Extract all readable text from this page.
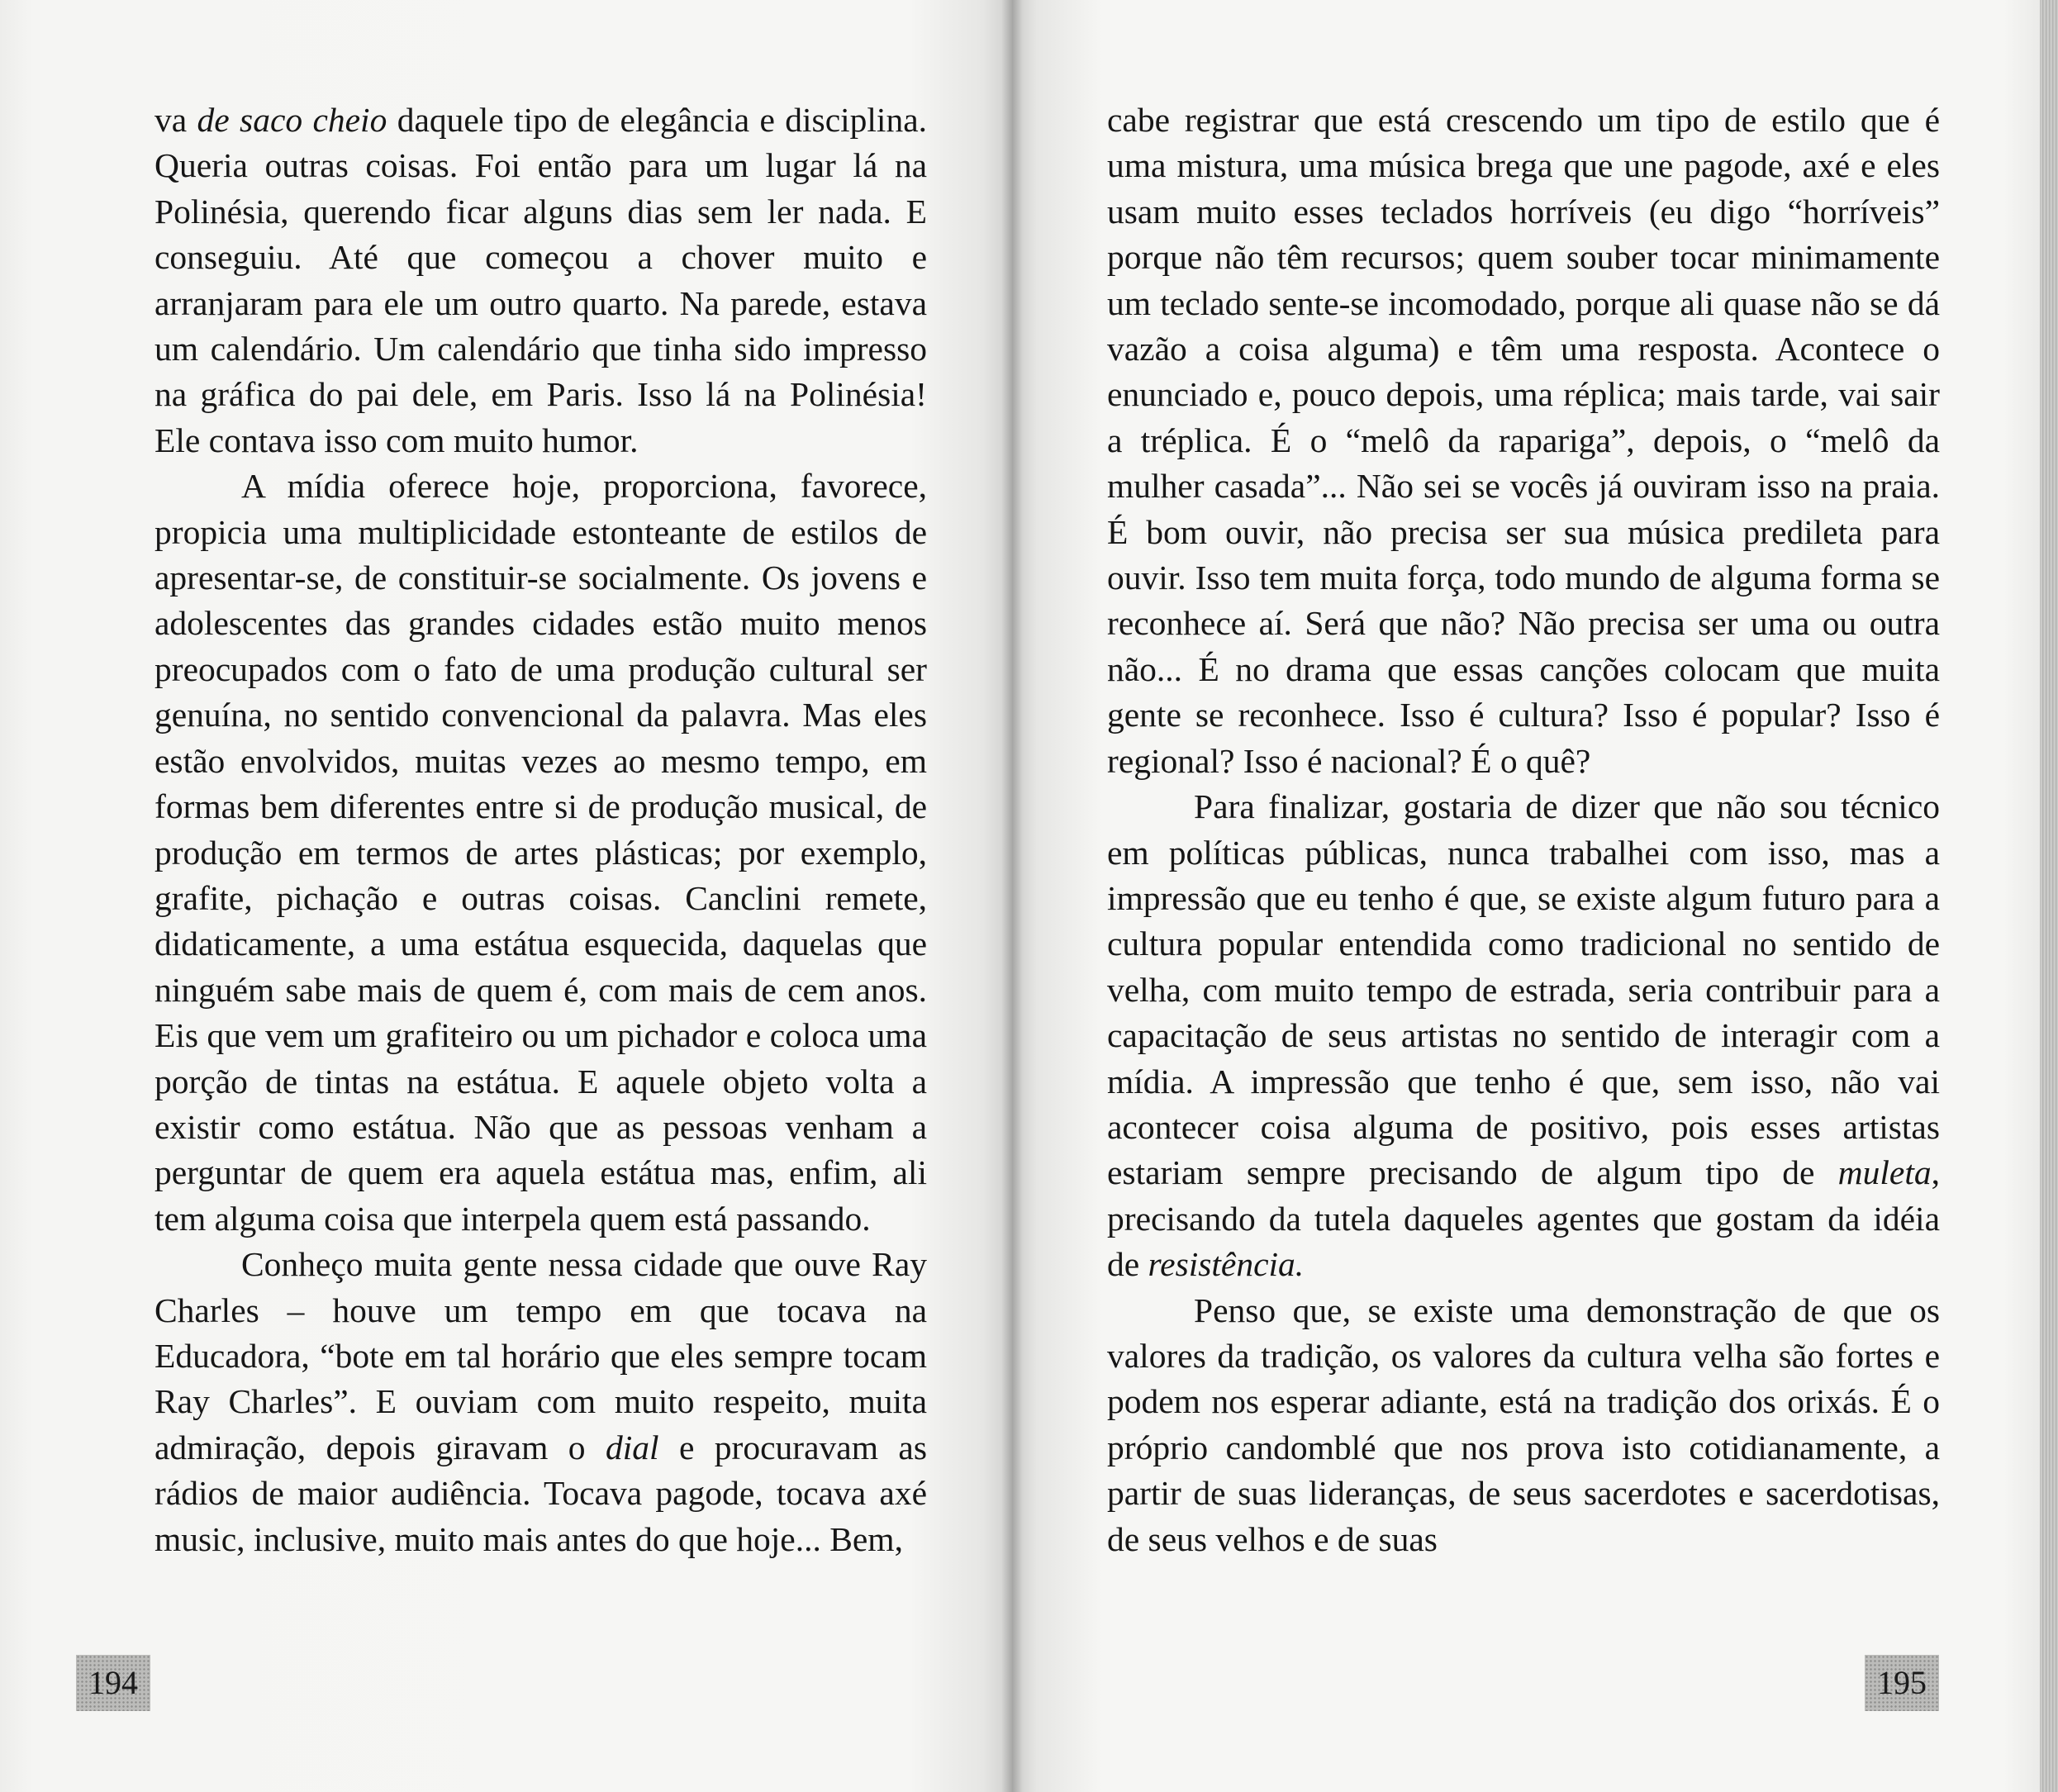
va de saco cheio daquele tipo de elegância e disciplina. Queria outras coisas. Foi então para um lugar lá na Polinésia, querendo ficar alguns dias sem ler nada. E conseguiu. Até que começou a chover muito e arranjaram para ele um outro quarto. Na parede, estava um calendário. Um calendário que tinha sido impresso na gráfica do pai dele, em Paris. Isso lá na Polinésia! Ele contava isso com muito humor.

A mídia oferece hoje, proporciona, favorece, propicia uma multiplicidade estonteante de estilos de apresentar-se, de constituir-se socialmente. Os jovens e adolescentes das grandes cidades estão muito menos preocupados com o fato de uma produção cultural ser genuína, no sentido convencional da palavra. Mas eles estão envolvidos, muitas vezes ao mesmo tempo, em formas bem diferentes entre si de produção musical, de produção em termos de artes plásticas; por exemplo, grafite, pichação e outras coisas. Canclini remete, didaticamente, a uma estátua esquecida, daquelas que ninguém sabe mais de quem é, com mais de cem anos. Eis que vem um grafiteiro ou um pichador e coloca uma porção de tintas na estátua. E aquele objeto volta a existir como estátua. Não que as pessoas venham a perguntar de quem era aquela estátua mas, enfim, ali tem alguma coisa que interpela quem está passando.

Conheço muita gente nessa cidade que ouve Ray Charles – houve um tempo em que tocava na Educadora, “bote em tal horário que eles sempre tocam Ray Charles”. E ouviam com muito respeito, muita admiração, depois giravam o dial e procuravam as rádios de maior audiência. Tocava pagode, tocava axé music, inclusive, muito mais antes do que hoje... Bem,

194

cabe registrar que está crescendo um tipo de estilo que é uma mistura, uma música brega que une pagode, axé e eles usam muito esses teclados horríveis (eu digo “horríveis” porque não têm recursos; quem souber tocar minimamente um teclado sente-se incomodado, porque ali quase não se dá vazão a coisa alguma) e têm uma resposta. Acontece o enunciado e, pouco depois, uma réplica; mais tarde, vai sair a tréplica. É o “melô da rapariga”, depois, o “melô da mulher casada”... Não sei se vocês já ouviram isso na praia. É bom ouvir, não precisa ser sua música predileta para ouvir. Isso tem muita força, todo mundo de alguma forma se reconhece aí. Será que não? Não precisa ser uma ou outra não... É no drama que essas canções colocam que muita gente se reconhece. Isso é cultura? Isso é popular? Isso é regional? Isso é nacional? É o quê?

Para finalizar, gostaria de dizer que não sou técnico em políticas públicas, nunca trabalhei com isso, mas a impressão que eu tenho é que, se existe algum futuro para a cultura popular entendida como tradicional no sentido de velha, com muito tempo de estrada, seria contribuir para a capacitação de seus artistas no sentido de interagir com a mídia. A impressão que tenho é que, sem isso, não vai acontecer coisa alguma de positivo, pois esses artistas estariam sempre precisando de algum tipo de muleta, precisando da tutela daqueles agentes que gostam da idéia de resistência.

Penso que, se existe uma demonstração de que os valores da tradição, os valores da cultura velha são fortes e podem nos esperar adiante, está na tradição dos orixás. É o próprio candomblé que nos prova isto cotidianamente, a partir de suas lideranças, de seus sacerdotes e sacerdotisas, de seus velhos e de suas

195
